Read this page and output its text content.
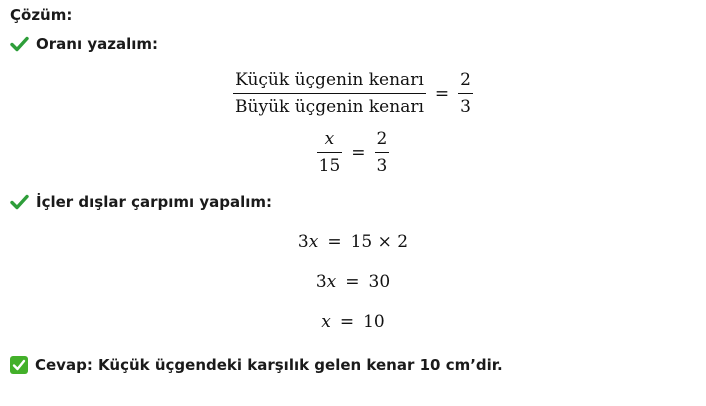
Çözüm:
Oranı yazalım:
$\frac{\text{Küçük üçgenin kenarı}}{\text{Büyük üçgenin kenarı}} = \frac{2}{3}$
$\frac{x}{15} = \frac{2}{3}$
İçler dışlar çarpımı yapalım:
3 x = 15 × 2
3 x = 30
x = 10
Cevap: Küçük üçgendeki karşılık gelen kenar 10 cm’dir.
